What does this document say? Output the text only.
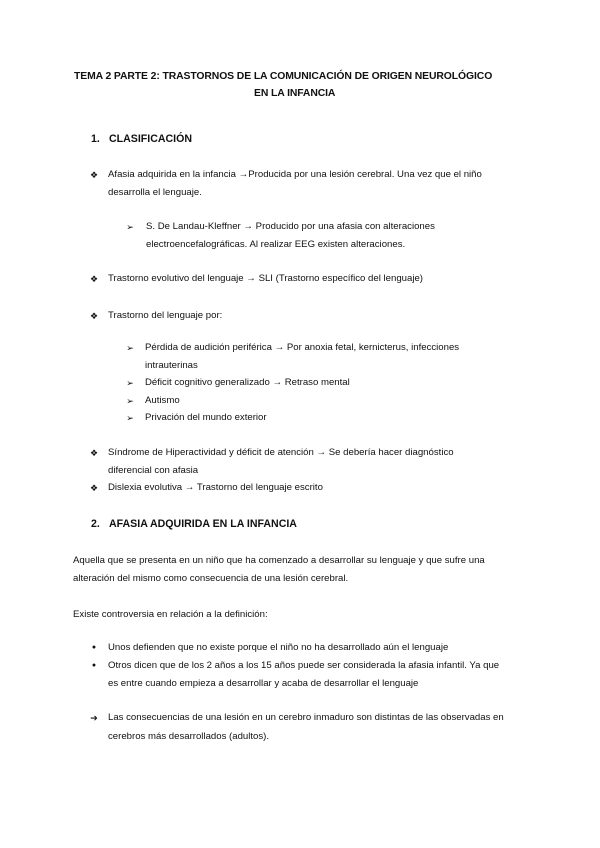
TEMA 2 PARTE 2: TRASTORNOS DE LA COMUNICACIÓN DE ORIGEN NEUROLÓGICO
EN LA INFANCIA
1. CLASIFICACIÓN
❖ Afasia adquirida en la infancia →Producida por una lesión cerebral. Una vez que el niño
desarrolla el lenguaje.
➢ S. De Landau-Kleffner → Producido por una afasia con alteraciones
electroencefalográficas. Al realizar EEG existen alteraciones.
❖ Trastorno evolutivo del lenguaje → SLI (Trastorno específico del lenguaje)
❖ Trastorno del lenguaje por:
➢ Pérdida de audición periférica → Por anoxia fetal, kernicterus, infecciones
intrauterinas
➢ Déficit cognitivo generalizado → Retraso mental
➢ Autismo
➢ Privación del mundo exterior
❖ Síndrome de Hiperactividad y déficit de atención → Se debería hacer diagnóstico
diferencial con afasia
❖ Dislexia evolutiva → Trastorno del lenguaje escrito
2. AFASIA ADQUIRIDA EN LA INFANCIA
Aquella que se presenta en un niño que ha comenzado a desarrollar su lenguaje y que sufre una
alteración del mismo como consecuencia de una lesión cerebral.
Existe controversia en relación a la definición:
●	Unos defienden que no existe porque el niño no ha desarrollado aún el lenguaje
●	Otros dicen que de los 2 años a los 15 años puede ser considerada la afasia infantil. Ya que
es entre cuando empieza a desarrollar y acaba de desarrollar el lenguaje
➔ Las consecuencias de una lesión en un cerebro inmaduro son distintas de las observadas en
cerebros más desarrollados (adultos).
